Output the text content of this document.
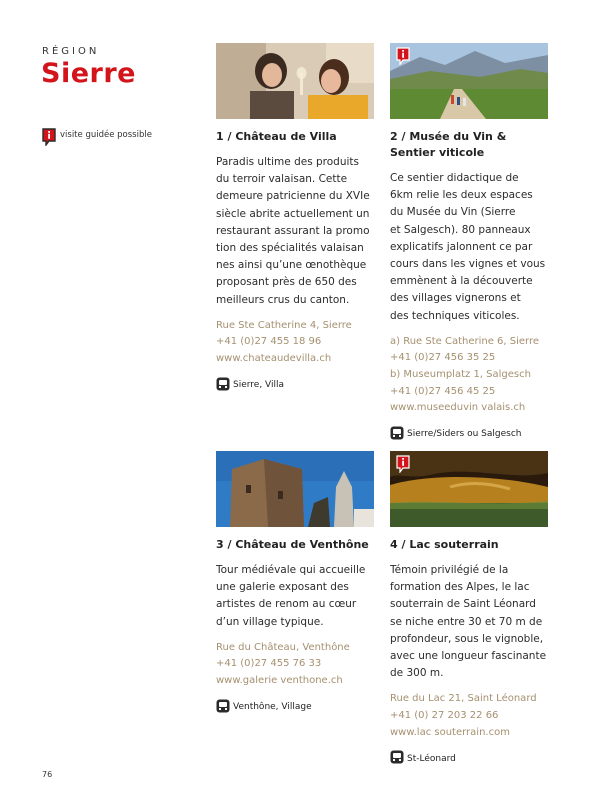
RÉGION
Sierre
visite guidée possible	1 / Château de Villa
Paradis ultime des produits
du terroir valaisan. Cette
demeure patricienne du XVIe
siècle abrite actuellement un
restaurant assurant la promo
tion des spécialités valaisan
nes ainsi qu’une œnothèque
proposant près de 650 des
meilleurs crus du canton.
Rue Ste Catherine 4, Sierre
+41 (0)27 455 18 96
www.chateaudevilla.ch
Sierre, Villa
2 / Musée du Vin &
Sentier viticole
Ce sentier didactique de
6km relie les deux espaces
du Musée du Vin (Sierre
et Salgesch). 80 panneaux
explicatifs jalonnent ce par
cours dans les vignes et vous
emmènent à la découverte
des villages vignerons et
des techniques viticoles.
a) Rue Ste Catherine 6, Sierre
+41 (0)27 456 35 25
b) Museumplatz 1, Salgesch
+41 (0)27 456 45 25
www.museeduvin valais.ch
Sierre/Siders ou Salgesch
3 / Château de Venthône
Tour médiévale qui accueille
une galerie exposant des
artistes de renom au cœur
d’un village typique.
Rue du Château, Venthône
+41 (0)27 455 76 33
www.galerie venthone.ch
Venthône, Village
4 / Lac souterrain
Témoin privilégié de la
formation des Alpes, le lac
souterrain de Saint Léonard
se niche entre 30 et 70 m de
profondeur, sous le vignoble,
avec une longueur fascinante
de 300 m.
Rue du Lac 21, Saint Léonard
+41 (0) 27 203 22 66
www.lac souterrain.com
St-Léonard
76
